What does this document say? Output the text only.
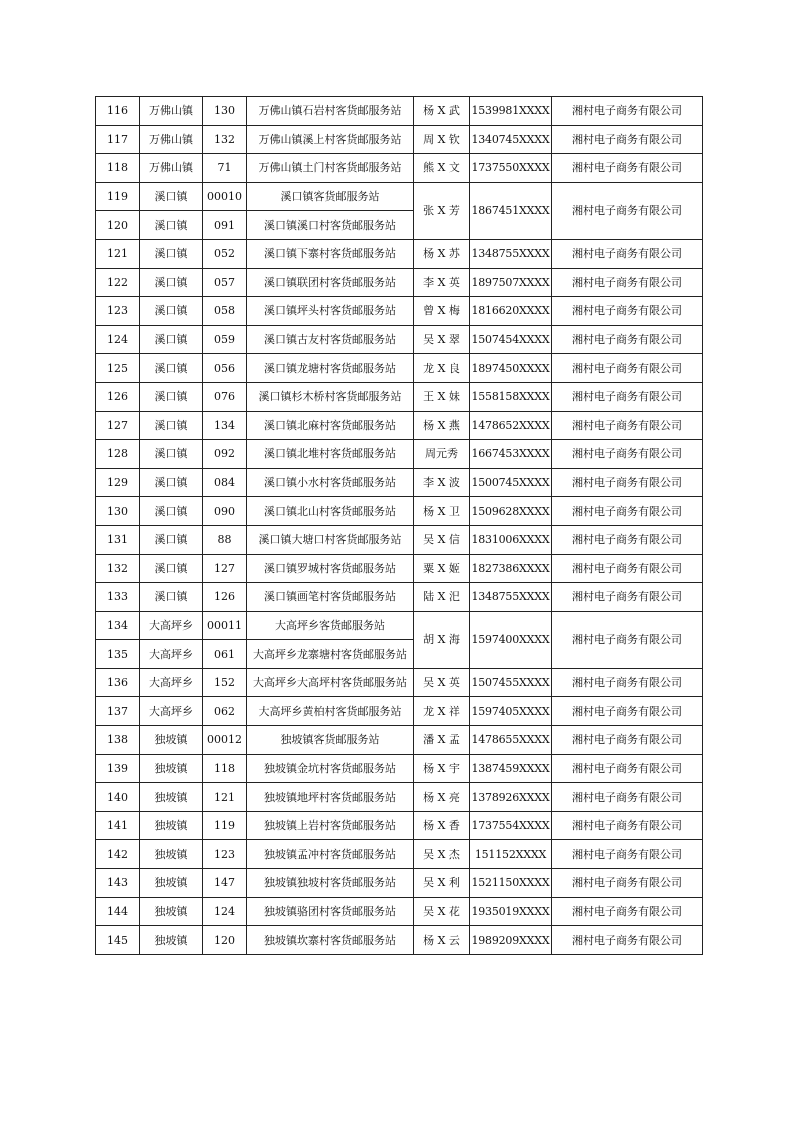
116	万佛山镇	130	万佛山镇石岩村客货邮服务站	杨 X 武	1539981XXXX	湘村电子商务有限公司
117	万佛山镇	132	万佛山镇溪上村客货邮服务站	周 X 钦	1340745XXXX	湘村电子商务有限公司
118	万佛山镇	71	万佛山镇土门村客货邮服务站	熊 X 文	1737550XXXX	湘村电子商务有限公司
119	溪口镇	00010	溪口镇客货邮服务站	张 X 芳	1867451XXXX	湘村电子商务有限公司
120	溪口镇	091	溪口镇溪口村客货邮服务站			
121	溪口镇	052	溪口镇下寨村客货邮服务站	杨 X 苏	1348755XXXX	湘村电子商务有限公司
122	溪口镇	057	溪口镇联团村客货邮服务站	李 X 英	1897507XXXX	湘村电子商务有限公司
123	溪口镇	058	溪口镇坪头村客货邮服务站	曾 X 梅	1816620XXXX	湘村电子商务有限公司
124	溪口镇	059	溪口镇古友村客货邮服务站	吴 X 翠	1507454XXXX	湘村电子商务有限公司
125	溪口镇	056	溪口镇龙塘村客货邮服务站	龙 X 良	1897450XXXX	湘村电子商务有限公司
126	溪口镇	076	溪口镇杉木桥村客货邮服务站	王 X 妹	1558158XXXX	湘村电子商务有限公司
127	溪口镇	134	溪口镇北麻村客货邮服务站	杨 X 燕	1478652XXXX	湘村电子商务有限公司
128	溪口镇	092	溪口镇北堆村客货邮服务站	周元秀	1667453XXXX	湘村电子商务有限公司
129	溪口镇	084	溪口镇小水村客货邮服务站	李 X 波	1500745XXXX	湘村电子商务有限公司
130	溪口镇	090	溪口镇北山村客货邮服务站	杨 X 卫	1509628XXXX	湘村电子商务有限公司
131	溪口镇	88	溪口镇大塘口村客货邮服务站	吴 X 信	1831006XXXX	湘村电子商务有限公司
132	溪口镇	127	溪口镇罗城村客货邮服务站	粟 X 姬	1827386XXXX	湘村电子商务有限公司
133	溪口镇	126	溪口镇画笔村客货邮服务站	陆 X 汜	1348755XXXX	湘村电子商务有限公司
134	大高坪乡	00011	大高坪乡客货邮服务站	胡 X 海	1597400XXXX	湘村电子商务有限公司
135	大高坪乡	061	大高坪乡龙寨塘村客货邮服务站			
136	大高坪乡	152	大高坪乡大高坪村客货邮服务站	吴 X 英	1507455XXXX	湘村电子商务有限公司
137	大高坪乡	062	大高坪乡黄柏村客货邮服务站	龙 X 祥	1597405XXXX	湘村电子商务有限公司
138	独坡镇	00012	独坡镇客货邮服务站	潘 X 孟	1478655XXXX	湘村电子商务有限公司
139	独坡镇	118	独坡镇金坑村客货邮服务站	杨 X 宇	1387459XXXX	湘村电子商务有限公司
140	独坡镇	121	独坡镇地坪村客货邮服务站	杨 X 亮	1378926XXXX	湘村电子商务有限公司
141	独坡镇	119	独坡镇上岩村客货邮服务站	杨 X 香	1737554XXXX	湘村电子商务有限公司
142	独坡镇	123	独坡镇孟冲村客货邮服务站	吴 X 杰	151152XXXX	湘村电子商务有限公司
143	独坡镇	147	独坡镇独坡村客货邮服务站	吴 X 利	1521150XXXX	湘村电子商务有限公司
144	独坡镇	124	独坡镇骆团村客货邮服务站	吴 X 花	1935019XXXX	湘村电子商务有限公司
145	独坡镇	120	独坡镇坎寨村客货邮服务站	杨 X 云	1989209XXXX	湘村电子商务有限公司
